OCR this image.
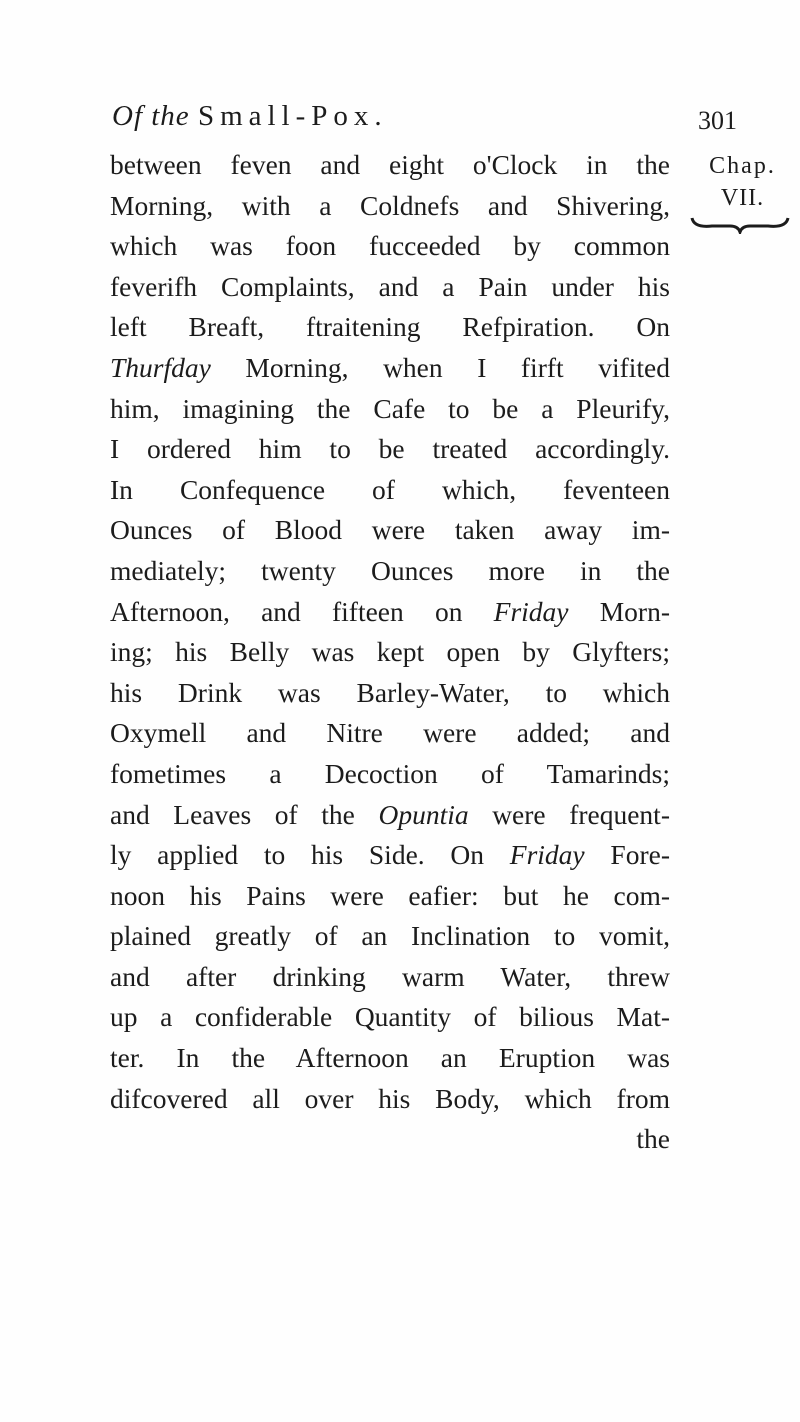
Of the Small-Pox.	301
Chap.
VII.
between feven and eight o'Clock in the
Morning, with a Coldnefs and Shivering,
which was foon fucceeded by common
feverifh Complaints, and a Pain under his
left Breaft, ftraitening Refpiration. On
Thurfday Morning, when I firft vifited
him, imagining the Cafe to be a Pleurify,
I ordered him to be treated accordingly.
In Confequence of which, feventeen
Ounces of Blood were taken away im-
mediately; twenty Ounces more in the
Afternoon, and fifteen on Friday Morn-
ing; his Belly was kept open by Glyfters;
his Drink was Barley-Water, to which
Oxymell and Nitre were added; and
fometimes a Decoction of Tamarinds;
and Leaves of the Opuntia were frequent-
ly applied to his Side. On Friday Fore-
noon his Pains were eafier: but he com-
plained greatly of an Inclination to vomit,
and after drinking warm Water, threw
up a confiderable Quantity of bilious Mat-
ter. In the Afternoon an Eruption was
difcovered all over his Body, which from
the
